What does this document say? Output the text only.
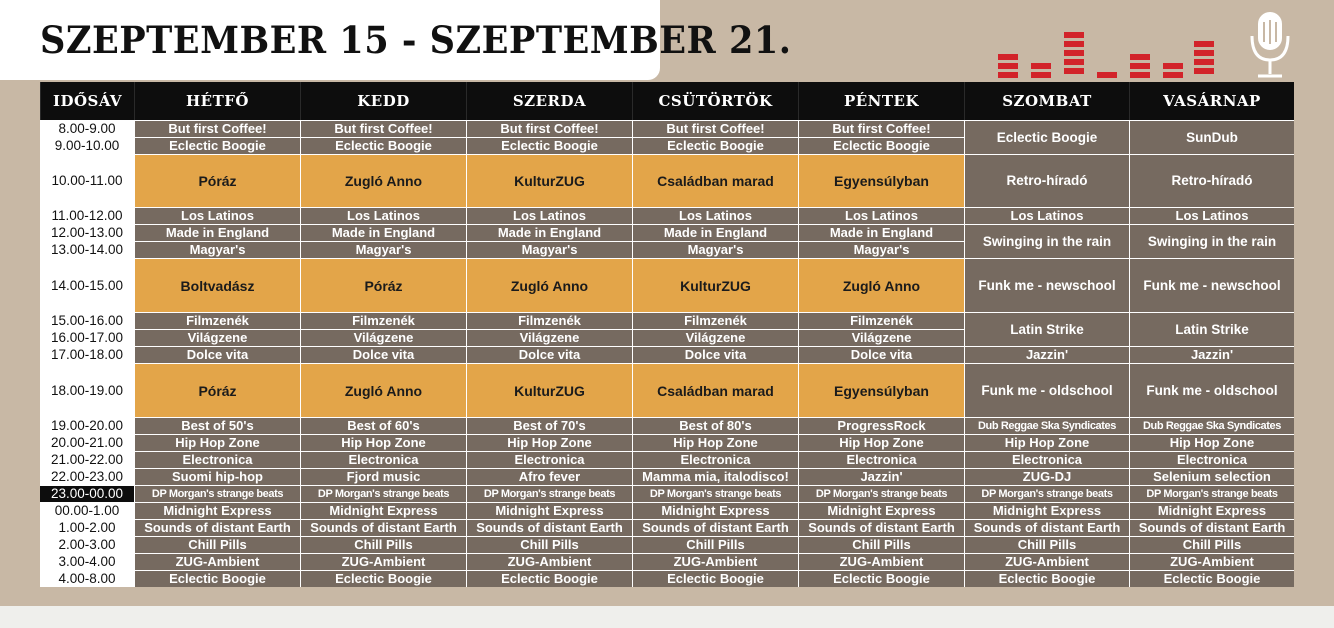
SZEPTEMBER 15 - SZEPTEMBER 21.
IDŐSÁV	HÉTFŐ	KEDD	SZERDA	CSÜTÖRTÖK	PÉNTEK	SZOMBAT	VASÁRNAP
8.00-9.00	But first Coffee!	But first Coffee!	But first Coffee!	But first Coffee!	But first Coffee!	Eclectic Boogie	SunDub
9.00-10.00	Eclectic Boogie	Eclectic Boogie	Eclectic Boogie	Eclectic Boogie	Eclectic Boogie		
10.00-11.00	Póráz	Zugló Anno	KulturZUG	Családban marad	Egyensúlyban	Retro-híradó	Retro-híradó
11.00-12.00	Los Latinos	Los Latinos	Los Latinos	Los Latinos	Los Latinos	Los Latinos	Los Latinos
12.00-13.00	Made in England	Made in England	Made in England	Made in England	Made in England	Swinging in the rain	Swinging in the rain
13.00-14.00	Magyar's	Magyar's	Magyar's	Magyar's	Magyar's		
14.00-15.00	Boltvadász	Póráz	Zugló Anno	KulturZUG	Zugló Anno	Funk me - newschool	Funk me - newschool
15.00-16.00	Filmzenék	Filmzenék	Filmzenék	Filmzenék	Filmzenék	Latin Strike	Latin Strike
16.00-17.00	Világzene	Világzene	Világzene	Világzene	Világzene		
17.00-18.00	Dolce vita	Dolce vita	Dolce vita	Dolce vita	Dolce vita	Jazzin'	Jazzin'
18.00-19.00	Póráz	Zugló Anno	KulturZUG	Családban marad	Egyensúlyban	Funk me - oldschool	Funk me - oldschool
19.00-20.00	Best of 50's	Best of 60's	Best of 70's	Best of 80's	ProgressRock	Dub Reggae Ska Syndicates	Dub Reggae Ska Syndicates
20.00-21.00	Hip Hop Zone	Hip Hop Zone	Hip Hop Zone	Hip Hop Zone	Hip Hop Zone	Hip Hop Zone	Hip Hop Zone
21.00-22.00	Electronica	Electronica	Electronica	Electronica	Electronica	Electronica	Electronica
22.00-23.00	Suomi hip-hop	Fjord music	Afro fever	Mamma mia, italodisco!	Jazzin'	ZUG-DJ	Selenium selection
23.00-00.00	DP Morgan's strange beats	DP Morgan's strange beats	DP Morgan's strange beats	DP Morgan's strange beats	DP Morgan's strange beats	DP Morgan's strange beats	DP Morgan's strange beats
00.00-1.00	Midnight Express	Midnight Express	Midnight Express	Midnight Express	Midnight Express	Midnight Express	Midnight Express
1.00-2.00	Sounds of distant Earth	Sounds of distant Earth	Sounds of distant Earth	Sounds of distant Earth	Sounds of distant Earth	Sounds of distant Earth	Sounds of distant Earth
2.00-3.00	Chill Pills	Chill Pills	Chill Pills	Chill Pills	Chill Pills	Chill Pills	Chill Pills
3.00-4.00	ZUG-Ambient	ZUG-Ambient	ZUG-Ambient	ZUG-Ambient	ZUG-Ambient	ZUG-Ambient	ZUG-Ambient
4.00-8.00	Eclectic Boogie	Eclectic Boogie	Eclectic Boogie	Eclectic Boogie	Eclectic Boogie	Eclectic Boogie	Eclectic Boogie
